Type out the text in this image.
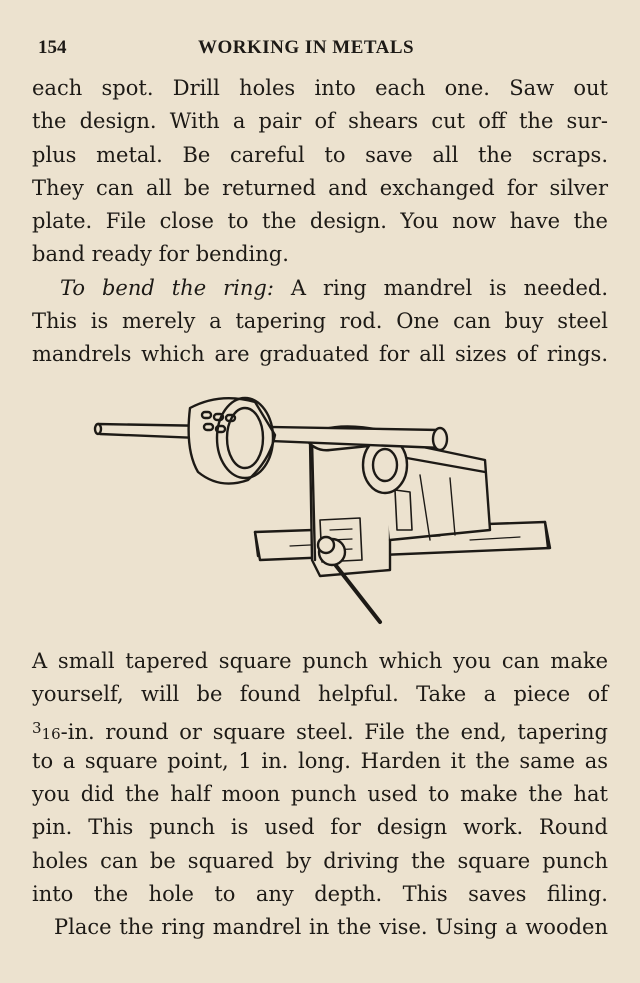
154	WORKING IN METALS
each spot. Drill holes into each one. Saw out
the design. With a pair of shears cut off the sur-
plus metal. Be careful to save all the scraps.
They can all be returned and exchanged for silver
plate. File close to the design. You now have the
band ready for bending.
To bend the ring: A ring mandrel is needed.
This is merely a tapering rod. One can buy steel
mandrels which are graduated for all sizes of rings.
A small tapered square punch which you can make
yourself, will be found helpful. Take a piece of
$^3$16-in. round or square steel. File the end, tapering
to a square point, 1 in. long. Harden it the same as
you did the half moon punch used to make the hat
pin. This punch is used for design work. Round
holes can be squared by driving the square punch
into the hole to any depth. This saves filing.
Place the ring mandrel in the vise. Using a wooden
